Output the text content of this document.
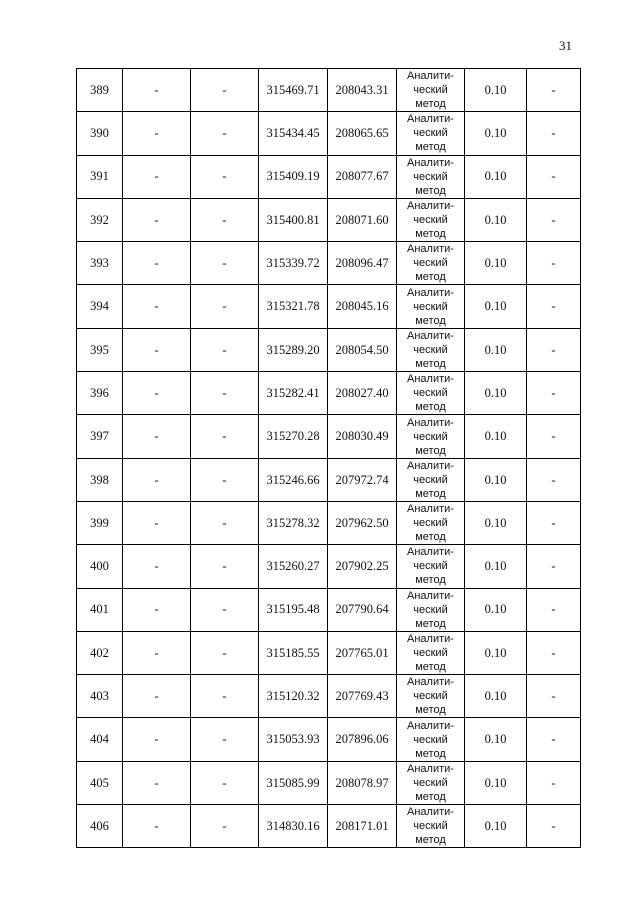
31
389	-	-	315469.71	208043.31	Аналити-
ческий
метод	0.10	-
390	-	-	315434.45	208065.65	Аналити-
ческий
метод	0.10	-
391	-	-	315409.19	208077.67	Аналити-
ческий
метод	0.10	-
392	-	-	315400.81	208071.60	Аналити-
ческий
метод	0.10	-
393	-	-	315339.72	208096.47	Аналити-
ческий
метод	0.10	-
394	-	-	315321.78	208045.16	Аналити-
ческий
метод	0.10	-
395	-	-	315289.20	208054.50	Аналити-
ческий
метод	0.10	-
396	-	-	315282.41	208027.40	Аналити-
ческий
метод	0.10	-
397	-	-	315270.28	208030.49	Аналити-
ческий
метод	0.10	-
398	-	-	315246.66	207972.74	Аналити-
ческий
метод	0.10	-
399	-	-	315278.32	207962.50	Аналити-
ческий
метод	0.10	-
400	-	-	315260.27	207902.25	Аналити-
ческий
метод	0.10	-
401	-	-	315195.48	207790.64	Аналити-
ческий
метод	0.10	-
402	-	-	315185.55	207765.01	Аналити-
ческий
метод	0.10	-
403	-	-	315120.32	207769.43	Аналити-
ческий
метод	0.10	-
404	-	-	315053.93	207896.06	Аналити-
ческий
метод	0.10	-
405	-	-	315085.99	208078.97	Аналити-
ческий
метод	0.10	-
406	-	-	314830.16	208171.01	Аналити-
ческий
метод	0.10	-
